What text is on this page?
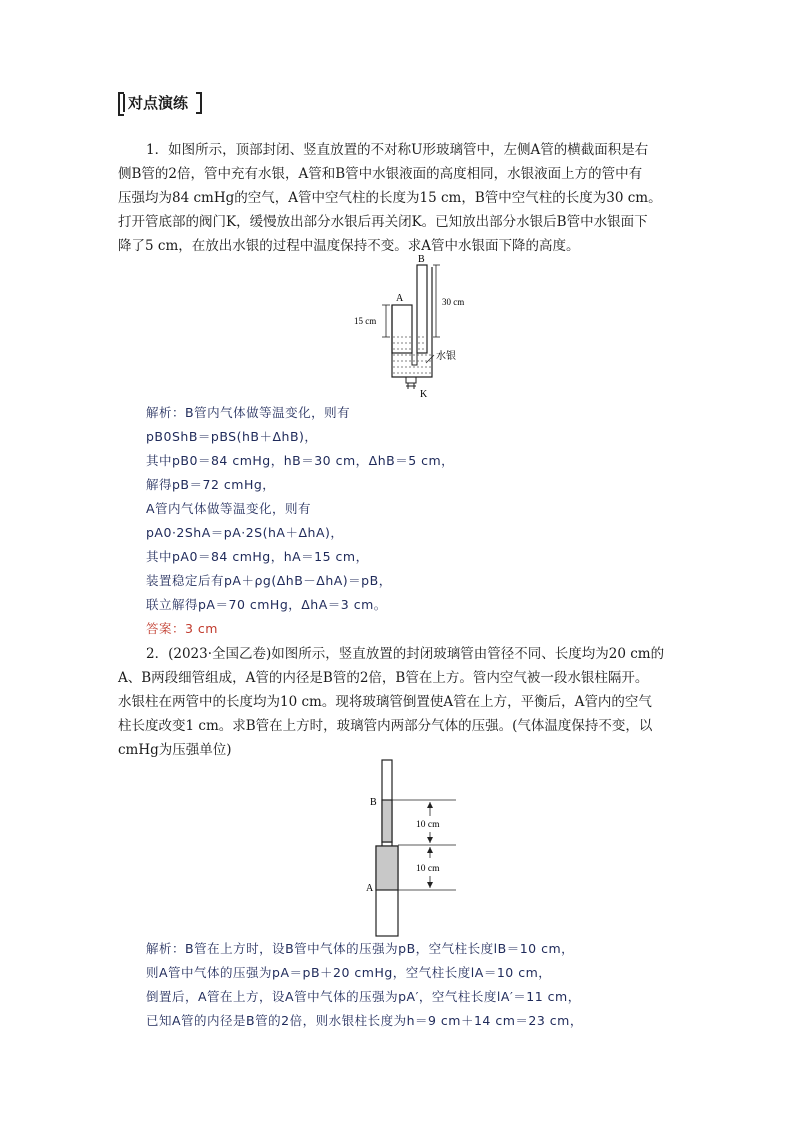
对点演练
1．如图所示，顶部封闭、竖直放置的不对称U形玻璃管中，左侧A管的横截面积是右
侧B管的2倍，管中充有水银，A管和B管中水银液面的高度相同，水银液面上方的管中有
压强均为84 cmHg的空气，A管中空气柱的长度为15 cm，B管中空气柱的长度为30 cm。
打开管底部的阀门K，缓慢放出部分水银后再关闭K。已知放出部分水银后B管中水银面下
降了5 cm，在放出水银的过程中温度保持不变。求A管中水银面下降的高度。
A
B
K
15 cm
30 cm
水银
解析：B管内气体做等温变化，则有
pB0ShB＝pBS(hB＋ΔhB)，
其中pB0＝84 cmHg，hB＝30 cm，ΔhB＝5 cm，
解得pB＝72 cmHg，
A管内气体做等温变化，则有
pA0·2ShA＝pA·2S(hA＋ΔhA)，
其中pA0＝84 cmHg，hA＝15 cm，
装置稳定后有pA＋ρg(ΔhB－ΔhA)＝pB，
联立解得pA＝70 cmHg，ΔhA＝3 cm。
答案：3 cm
2．(2023·全国乙卷)如图所示，竖直放置的封闭玻璃管由管径不同、长度均为20 cm的
A、B两段细管组成，A管的内径是B管的2倍，B管在上方。管内空气被一段水银柱隔开。
水银柱在两管中的长度均为10 cm。现将玻璃管倒置使A管在上方，平衡后，A管内的空气
柱长度改变1 cm。求B管在上方时，玻璃管内两部分气体的压强。(气体温度保持不变，以
cmHg为压强单位)
B
A
10 cm
10 cm
解析：B管在上方时，设B管中气体的压强为pB，空气柱长度lB＝10 cm，
则A管中气体的压强为pA＝pB＋20 cmHg，空气柱长度lA＝10 cm，
倒置后，A管在上方，设A管中气体的压强为pA′，空气柱长度lA′＝11 cm，
已知A管的内径是B管的2倍，则水银柱长度为h＝9 cm＋14 cm＝23 cm，
